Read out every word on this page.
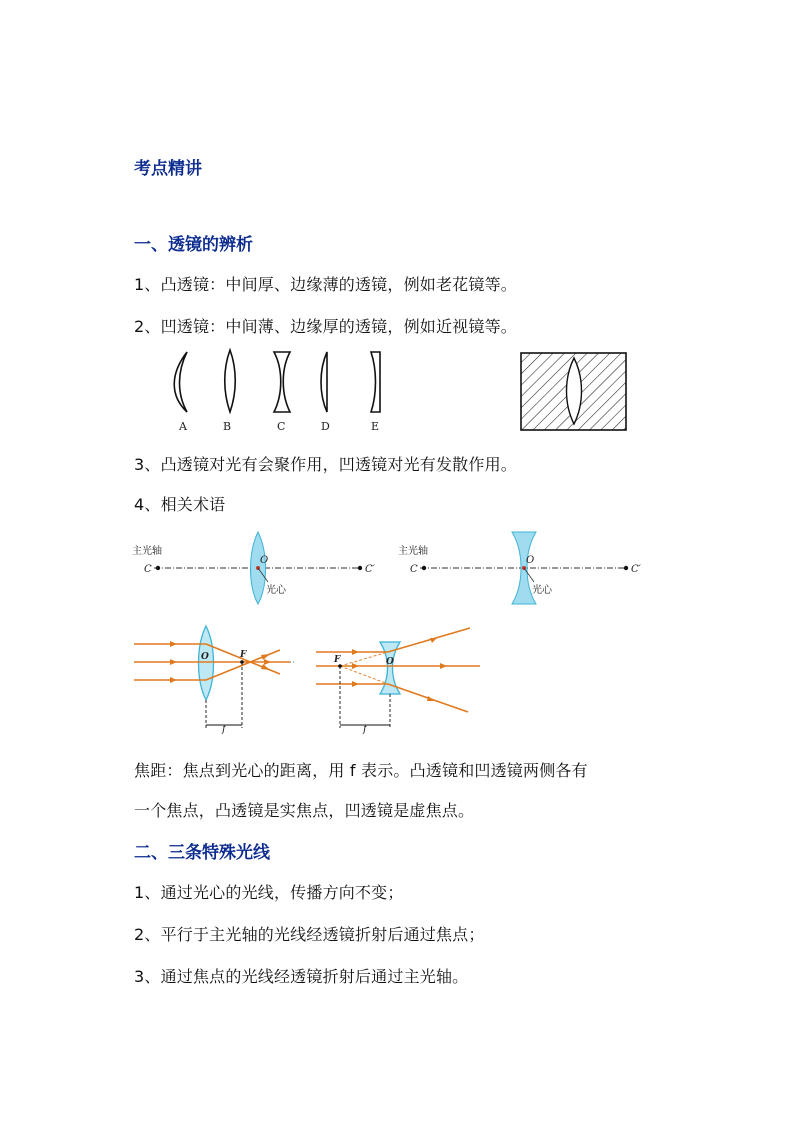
考点精讲
一、透镜的辨析
1、凸透镜：中间厚、边缘薄的透镜，例如老花镜等。
2、凹透镜：中间薄、边缘厚的透镜，例如近视镜等。
A	B	C	D	E
3、凸透镜对光有会聚作用，凹透镜对光有发散作用。
4、相关术语
主光轴
C	C′
O
光心
主光轴
C	C′
O
光心
F
O
f
F	O
f
焦距：焦点到光心的距离，用 f 表示。凸透镜和凹透镜两侧各有
一个焦点，凸透镜是实焦点，凹透镜是虚焦点。
二、三条特殊光线
1、通过光心的光线，传播方向不变；
2、平行于主光轴的光线经透镜折射后通过焦点；
3、通过焦点的光线经透镜折射后通过主光轴。
